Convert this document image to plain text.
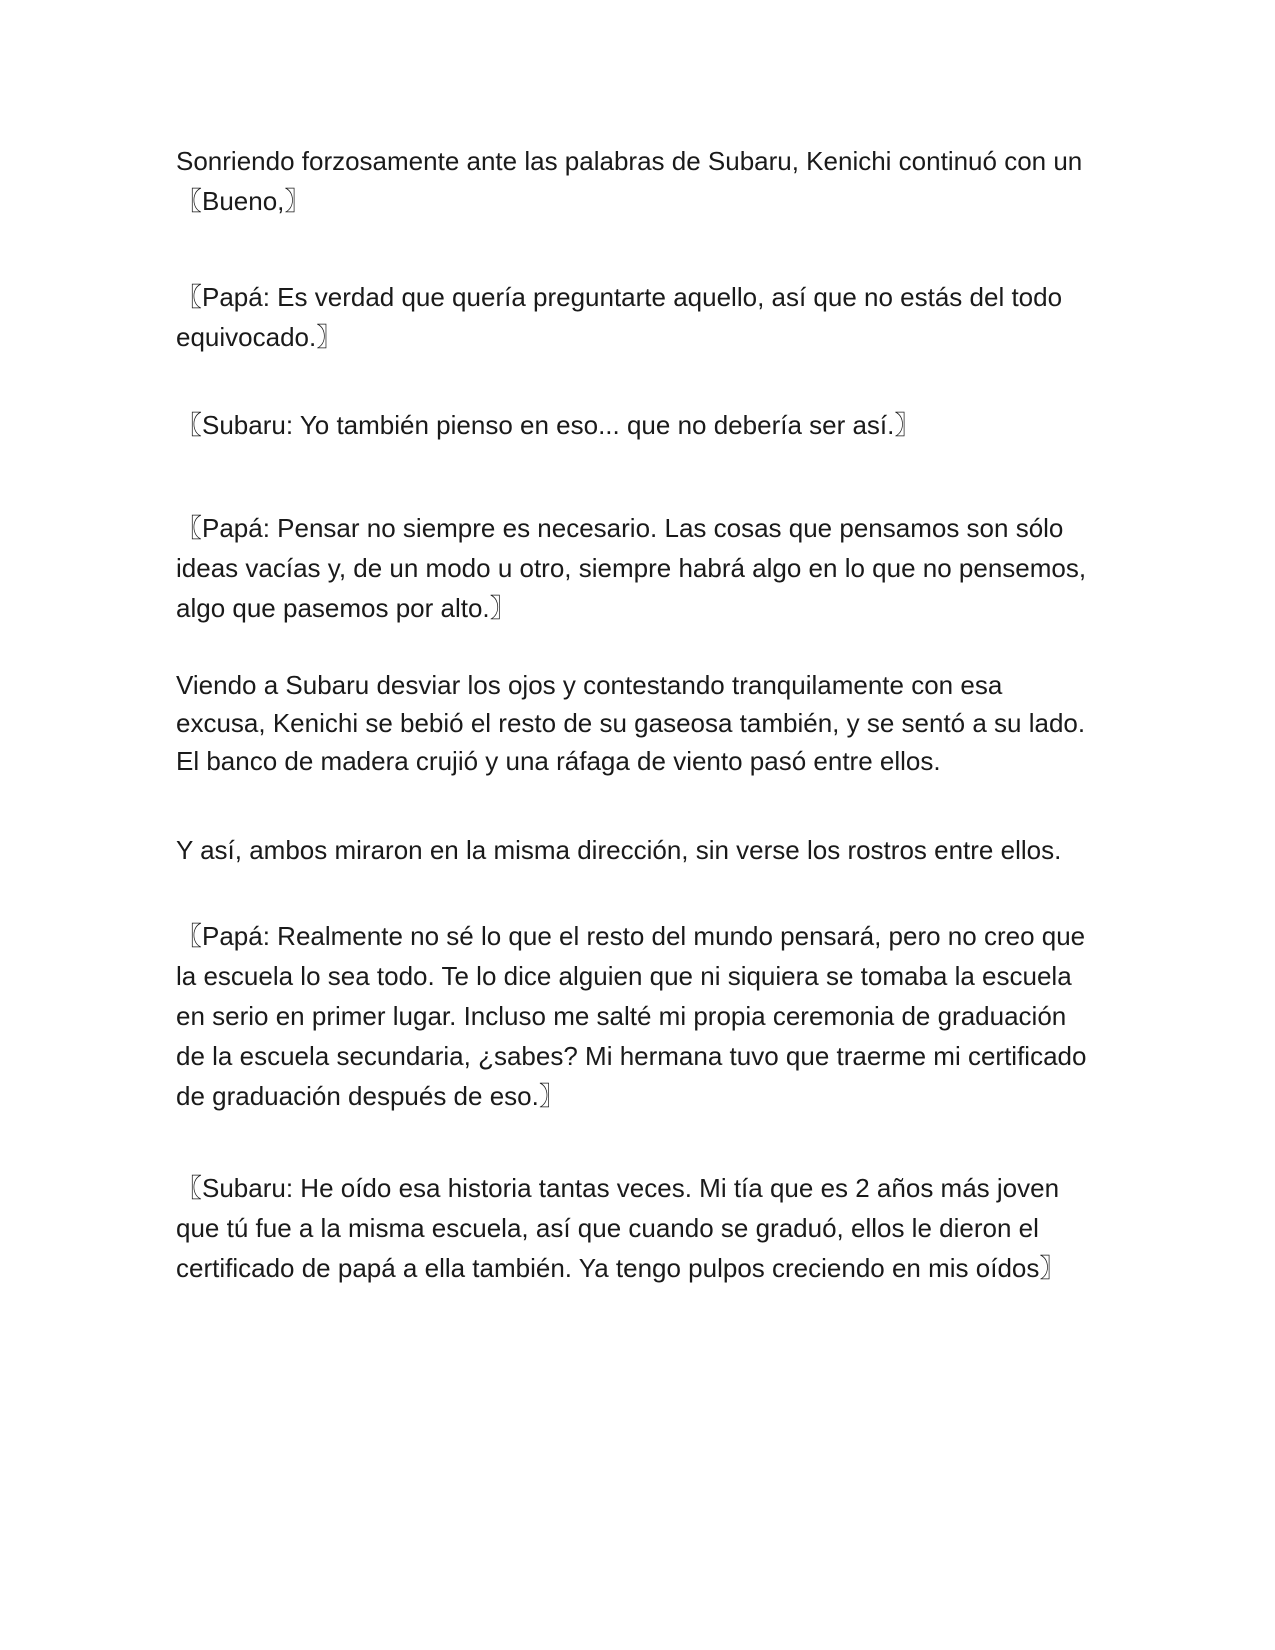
Sonriendo forzosamente ante las palabras de Subaru, Kenichi continuó con un 〖Bueno,〗

〖Papá: Es verdad que quería preguntarte aquello, así que no estás del todo equivocado.〗

〖Subaru: Yo también pienso en eso... que no debería ser así.〗

〖Papá: Pensar no siempre es necesario. Las cosas que pensamos son sólo ideas vacías y, de un modo u otro, siempre habrá algo en lo que no pensemos, algo que pasemos por alto.〗

Viendo a Subaru desviar los ojos y contestando tranquilamente con esa excusa, Kenichi se bebió el resto de su gaseosa también, y se sentó a su lado. El banco de madera crujió y una ráfaga de viento pasó entre ellos.

Y así, ambos miraron en la misma dirección, sin verse los rostros entre ellos.

〖Papá: Realmente no sé lo que el resto del mundo pensará, pero no creo que la escuela lo sea todo. Te lo dice alguien que ni siquiera se tomaba la escuela en serio en primer lugar. Incluso me salté mi propia ceremonia de graduación de la escuela secundaria, ¿sabes? Mi hermana tuvo que traerme mi certificado de graduación después de eso.〗

〖Subaru: He oído esa historia tantas veces. Mi tía que es 2 años más joven que tú fue a la misma escuela, así que cuando se graduó, ellos le dieron el certificado de papá a ella también. Ya tengo pulpos creciendo en mis oídos〗
